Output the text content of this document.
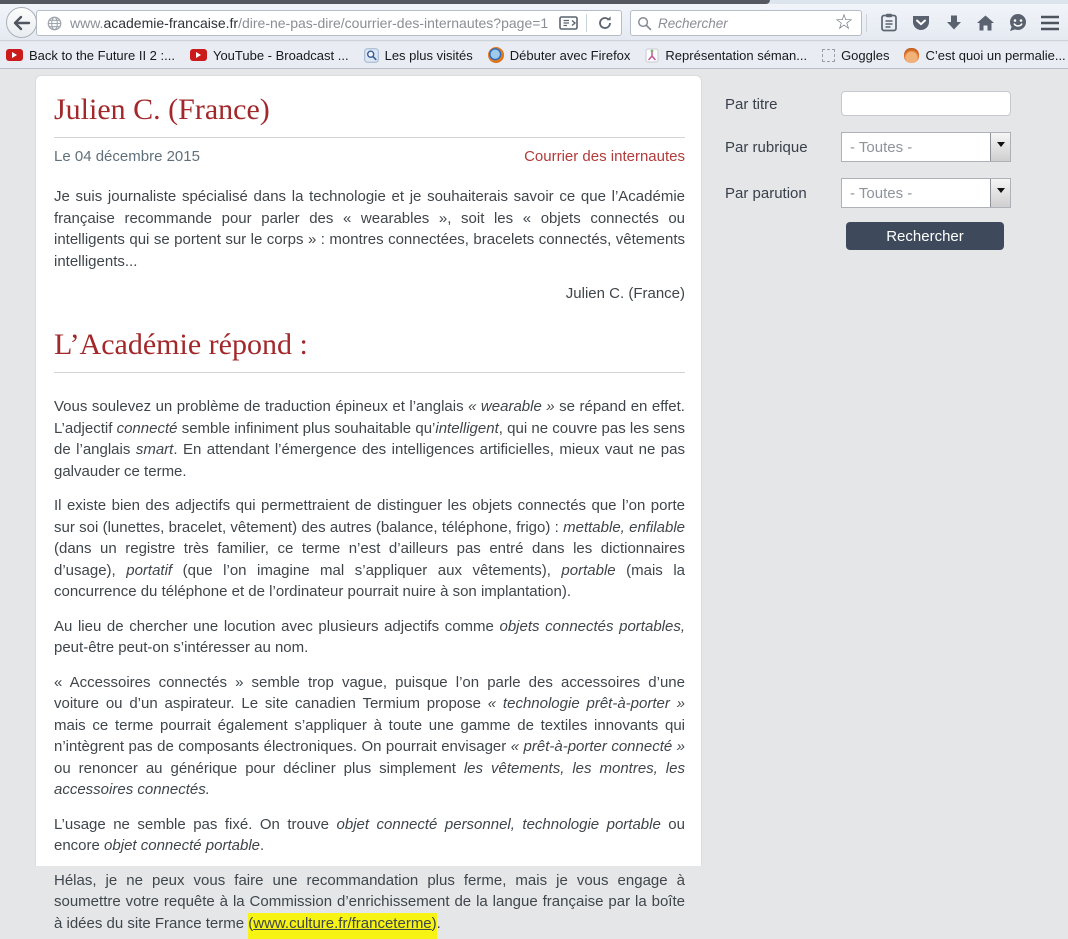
www.academie-francaise.fr/dire-ne-pas-dire/courrier-des-internautes?page=1
Rechercher	☆
Back to the Future II 2 :...	YouTube - Broadcast ...	Les plus visités	Débuter avec Firefox	Représentation séman...	Goggles	C’est quoi un permalie...
Julien C. (France)
Le 04 décembre 2015	Courrier des internautes

Je suis journaliste spécialisé dans la technologie et je souhaiterais savoir ce que l’Académie française recommande pour parler des « wearables », soit les « objets connectés ou intelligents qui se portent sur le corps » : montres connectées, bracelets connectés, vêtements intelligents...

Julien C. (France)
L’Académie répond :

Vous soulevez un problème de traduction épineux et l’anglais « wearable » se répand en effet. L’adjectif connecté semble infiniment plus souhaitable qu’intelligent, qui ne couvre pas les sens de l’anglais smart. En attendant l’émergence des intelligences artificielles, mieux vaut ne pas galvauder ce terme.

Il existe bien des adjectifs qui permettraient de distinguer les objets connectés que l’on porte sur soi (lunettes, bracelet, vêtement) des autres (balance, téléphone, frigo) : mettable, enfilable (dans un registre très familier, ce terme n’est d’ailleurs pas entré dans les dictionnaires d’usage), portatif (que l’on imagine mal s’appliquer aux vêtements), portable (mais la concurrence du téléphone et de l’ordinateur pourrait nuire à son implantation).

Au lieu de chercher une locution avec plusieurs adjectifs comme objets connectés portables, peut-être peut-on s’intéresser au nom.

« Accessoires connectés » semble trop vague, puisque l’on parle des accessoires d’une voiture ou d’un aspirateur. Le site canadien Termium propose « technologie prêt-à-porter » mais ce terme pourrait également s’appliquer à toute une gamme de textiles innovants qui n’intègrent pas de composants électroniques. On pourrait envisager « prêt-à-porter connecté » ou renoncer au générique pour décliner plus simplement les vêtements, les montres, les accessoires connectés.

L’usage ne semble pas fixé. On trouve objet connecté personnel, technologie portable ou encore objet connecté portable.

Hélas, je ne peux vous faire une recommandation plus ferme, mais je vous engage à soumettre votre requête à la Commission d’enrichissement de la langue française par la boîte à idées du site France terme (www.culture.fr/franceterme).

Par titre
Par rubrique	- Toutes -
Par parution	- Toutes -
Rechercher
